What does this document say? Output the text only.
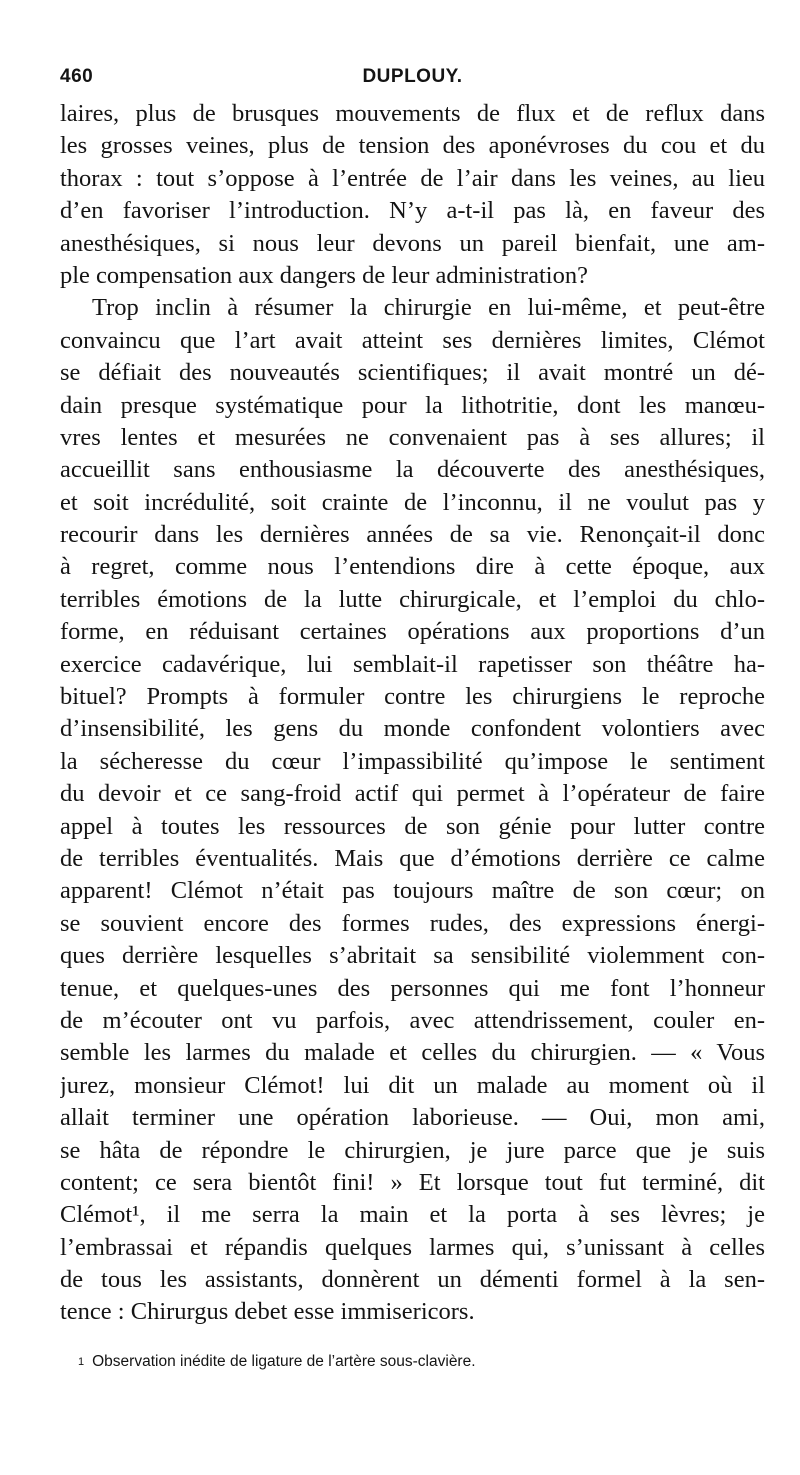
460	DUPLOUY.
laires, plus de brusques mouvements de flux et de reflux dans
les grosses veines, plus de tension des aponévroses du cou et du
thorax : tout s’oppose à l’entrée de l’air dans les veines, au lieu
d’en favoriser l’introduction. N’y a-t-il pas là, en faveur des
anesthésiques, si nous leur devons un pareil bienfait, une am-
ple compensation aux dangers de leur administration?
Trop inclin à résumer la chirurgie en lui-même, et peut-être
convaincu que l’art avait atteint ses dernières limites, Clémot
se défiait des nouveautés scientifiques; il avait montré un dé-
dain presque systématique pour la lithotritie, dont les manœu-
vres lentes et mesurées ne convenaient pas à ses allures; il
accueillit sans enthousiasme la découverte des anesthésiques,
et soit incrédulité, soit crainte de l’inconnu, il ne voulut pas y
recourir dans les dernières années de sa vie. Renonçait-il donc
à regret, comme nous l’entendions dire à cette époque, aux
terribles émotions de la lutte chirurgicale, et l’emploi du chlo-
forme, en réduisant certaines opérations aux proportions d’un
exercice cadavérique, lui semblait-il rapetisser son théâtre ha-
bituel? Prompts à formuler contre les chirurgiens le reproche
d’insensibilité, les gens du monde confondent volontiers avec
la sécheresse du cœur l’impassibilité qu’impose le sentiment
du devoir et ce sang-froid actif qui permet à l’opérateur de faire
appel à toutes les ressources de son génie pour lutter contre
de terribles éventualités. Mais que d’émotions derrière ce calme
apparent! Clémot n’était pas toujours maître de son cœur; on
se souvient encore des formes rudes, des expressions énergi-
ques derrière lesquelles s’abritait sa sensibilité violemment con-
tenue, et quelques-unes des personnes qui me font l’honneur
de m’écouter ont vu parfois, avec attendrissement, couler en-
semble les larmes du malade et celles du chirurgien. — « Vous
jurez, monsieur Clémot! lui dit un malade au moment où il
allait terminer une opération laborieuse. — Oui, mon ami,
se hâta de répondre le chirurgien, je jure parce que je suis
content; ce sera bientôt fini! » Et lorsque tout fut terminé, dit
Clémot¹, il me serra la main et la porta à ses lèvres; je
l’embrassai et répandis quelques larmes qui, s’unissant à celles
de tous les assistants, donnèrent un démenti formel à la sen-
tence : Chirurgus debet esse immisericors.
$^1$ Observation inédite de ligature de l’artère sous-clavière.
